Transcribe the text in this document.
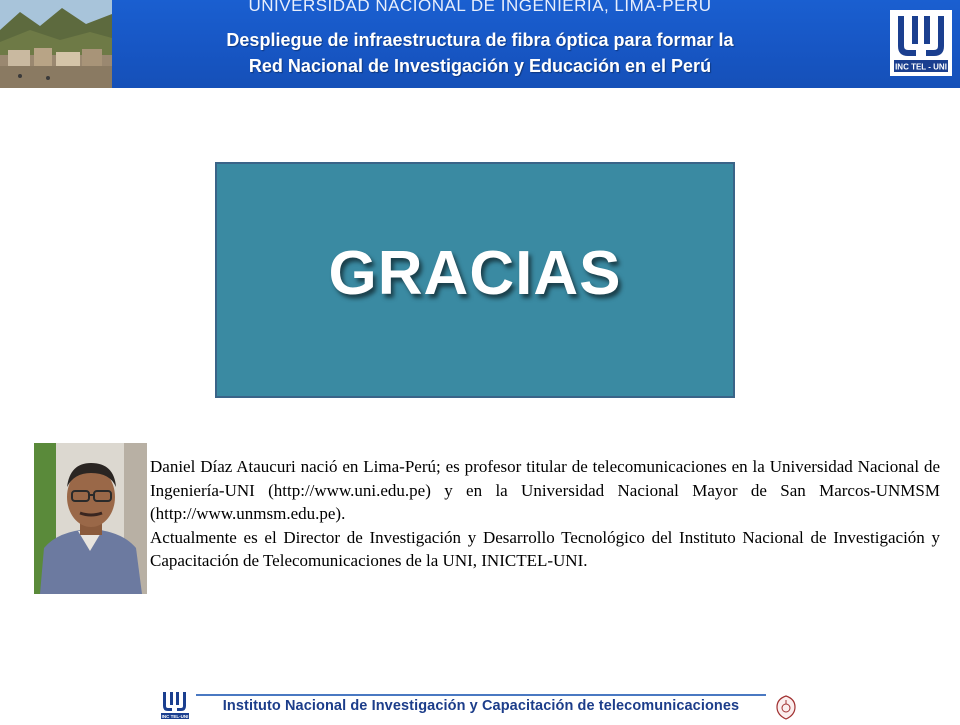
UNIVERSIDAD NACIONAL DE INGENIERIA, LIMA-PERU
Despliegue de infraestructura de fibra óptica para formar la
Red Nacional de Investigación y Educación en el Perú	INC TEL - UNI
GRACIAS

Daniel Díaz Ataucuri nació en Lima-Perú; es profesor titular de telecomunicaciones en la Universidad Nacional de Ingeniería-UNI (http://www.uni.edu.pe) y en la Universidad Nacional Mayor de San Marcos-UNMSM (http://www.unmsm.edu.pe).

Actualmente es el Director de Investigación y Desarrollo Tecnológico del Instituto Nacional de Investigación y Capacitación de Telecomunicaciones de la UNI, INICTEL-UNI.

INC TEL-UNI
Instituto Nacional de Investigación y Capacitación de telecomunicaciones
